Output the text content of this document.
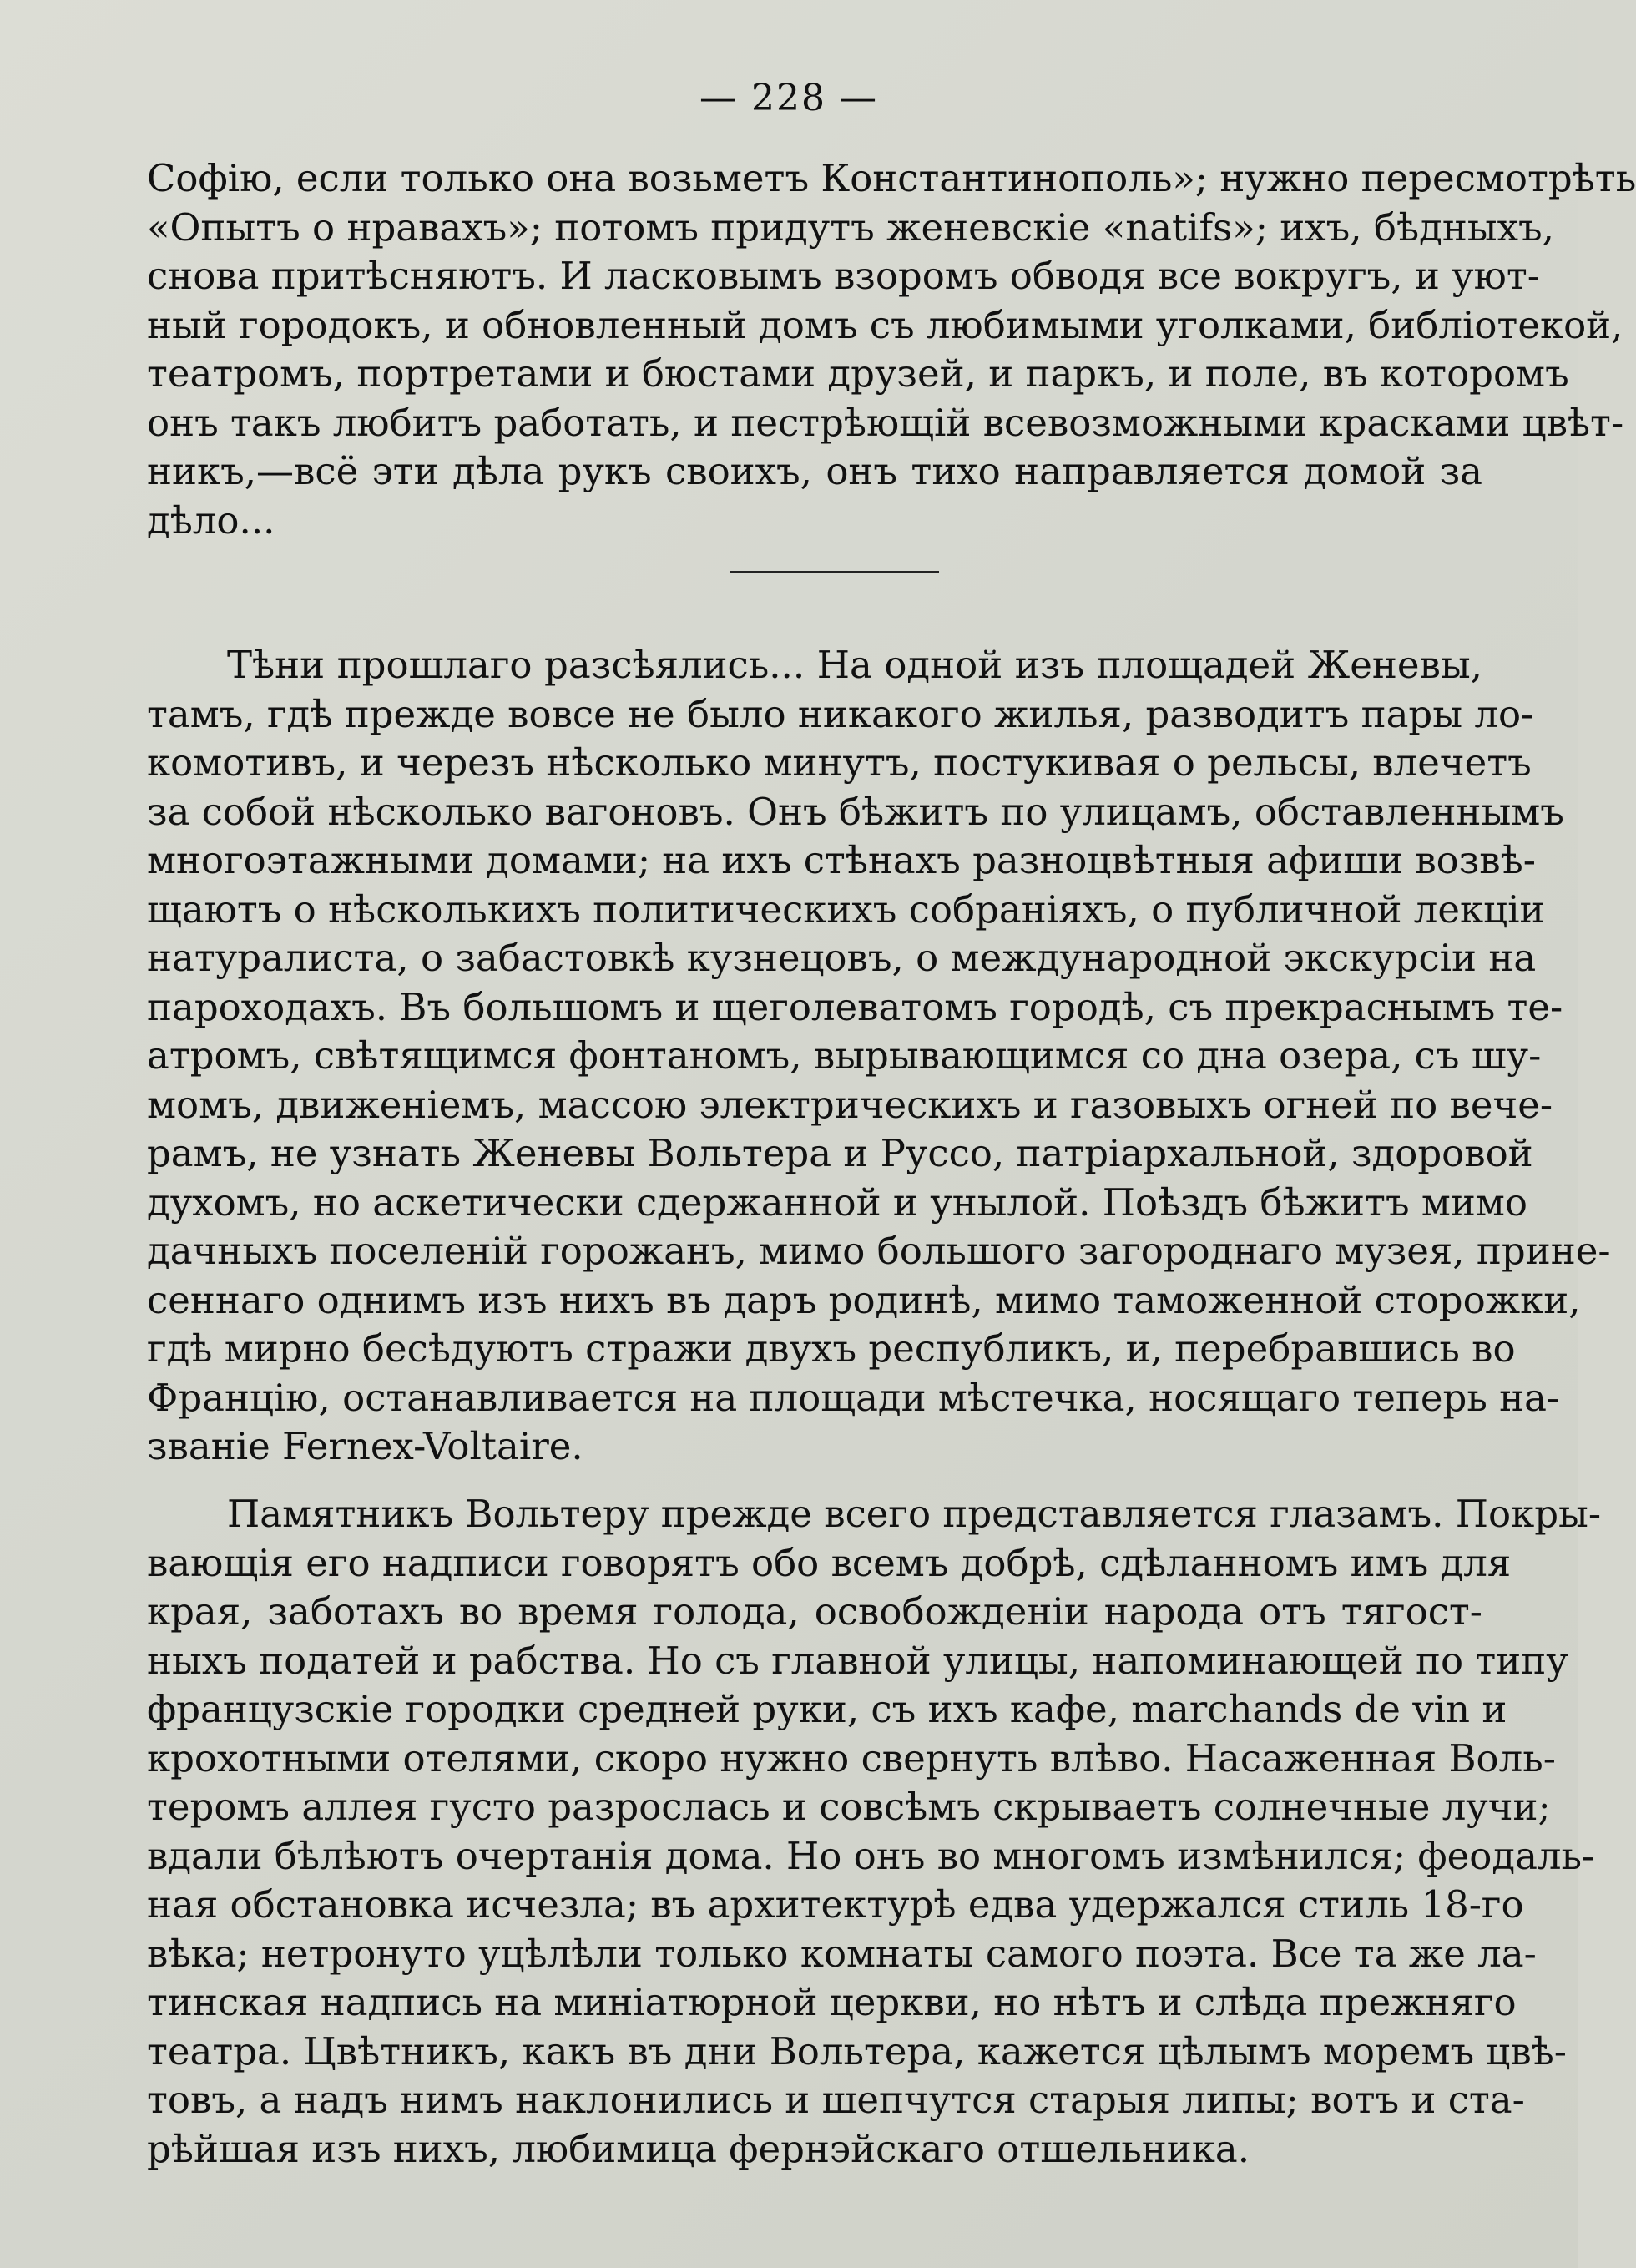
— 228 —
Софію, если только она возьметъ Константинополь»; нужно пересмотрѣть
«Опытъ о нравахъ»; потомъ придутъ женевскіе «natifs»; ихъ, бѣдныхъ,
снова притѣсняютъ. И ласковымъ взоромъ обводя все вокругъ, и уют-
ный городокъ, и обновленный домъ съ любимыми уголками, библіотекой,
театромъ, портретами и бюстами друзей, и паркъ, и поле, въ которомъ
онъ такъ любитъ работать, и пестрѣющій всевозможными красками цвѣт-
никъ,—всё эти дѣла рукъ своихъ, онъ тихо направляется домой за
дѣло...
Тѣни прошлаго разсѣялись... На одной изъ площадей Женевы,
тамъ, гдѣ прежде вовсе не было никакого жилья, разводитъ пары ло-
комотивъ, и черезъ нѣсколько минутъ, постукивая о рельсы, влечетъ
за собой нѣсколько вагоновъ. Онъ бѣжитъ по улицамъ, обставленнымъ
многоэтажными домами; на ихъ стѣнахъ разноцвѣтныя афиши возвѣ-
щаютъ о нѣсколькихъ политическихъ собраніяхъ, о публичной лекціи
натуралиста, о забастовкѣ кузнецовъ, о международной экскурсіи на
пароходахъ. Въ большомъ и щеголеватомъ городѣ, съ прекраснымъ те-
атромъ, свѣтящимся фонтаномъ, вырывающимся со дна озера, съ шу-
момъ, движеніемъ, массою электрическихъ и газовыхъ огней по вече-
рамъ, не узнать Женевы Вольтера и Руссо, патріархальной, здоровой
духомъ, но аскетически сдержанной и унылой. Поѣздъ бѣжитъ мимо
дачныхъ поселеній горожанъ, мимо большого загороднаго музея, прине-
сеннаго однимъ изъ нихъ въ даръ родинѣ, мимо таможенной сторожки,
гдѣ мирно бесѣдуютъ стражи двухъ республикъ, и, перебравшись во
Францію, останавливается на площади мѣстечка, носящаго теперь на-
званіе Fernex-Voltaire.
Памятникъ Вольтеру прежде всего представляется глазамъ. Покры-
вающія его надписи говорятъ обо всемъ добрѣ, сдѣланномъ имъ для
края, заботахъ во время голода, освобожденіи народа отъ тягост-
ныхъ податей и рабства. Но съ главной улицы, напоминающей по типу
французскіе городки средней руки, съ ихъ кафе, marchands de vin и
крохотными отелями, скоро нужно свернуть влѣво. Насаженная Воль-
теромъ аллея густо разрослась и совсѣмъ скрываетъ солнечные лучи;
вдали бѣлѣютъ очертанія дома. Но онъ во многомъ измѣнился; феодаль-
ная обстановка исчезла; въ архитектурѣ едва удержался стиль 18-го
вѣка; нетронуто уцѣлѣли только комнаты самого поэта. Все та же ла-
тинская надпись на миніатюрной церкви, но нѣтъ и слѣда прежняго
театра. Цвѣтникъ, какъ въ дни Вольтера, кажется цѣлымъ моремъ цвѣ-
товъ, а надъ нимъ наклонились и шепчутся старыя липы; вотъ и ста-
рѣйшая изъ нихъ, любимица фернэйскаго отшельника.
